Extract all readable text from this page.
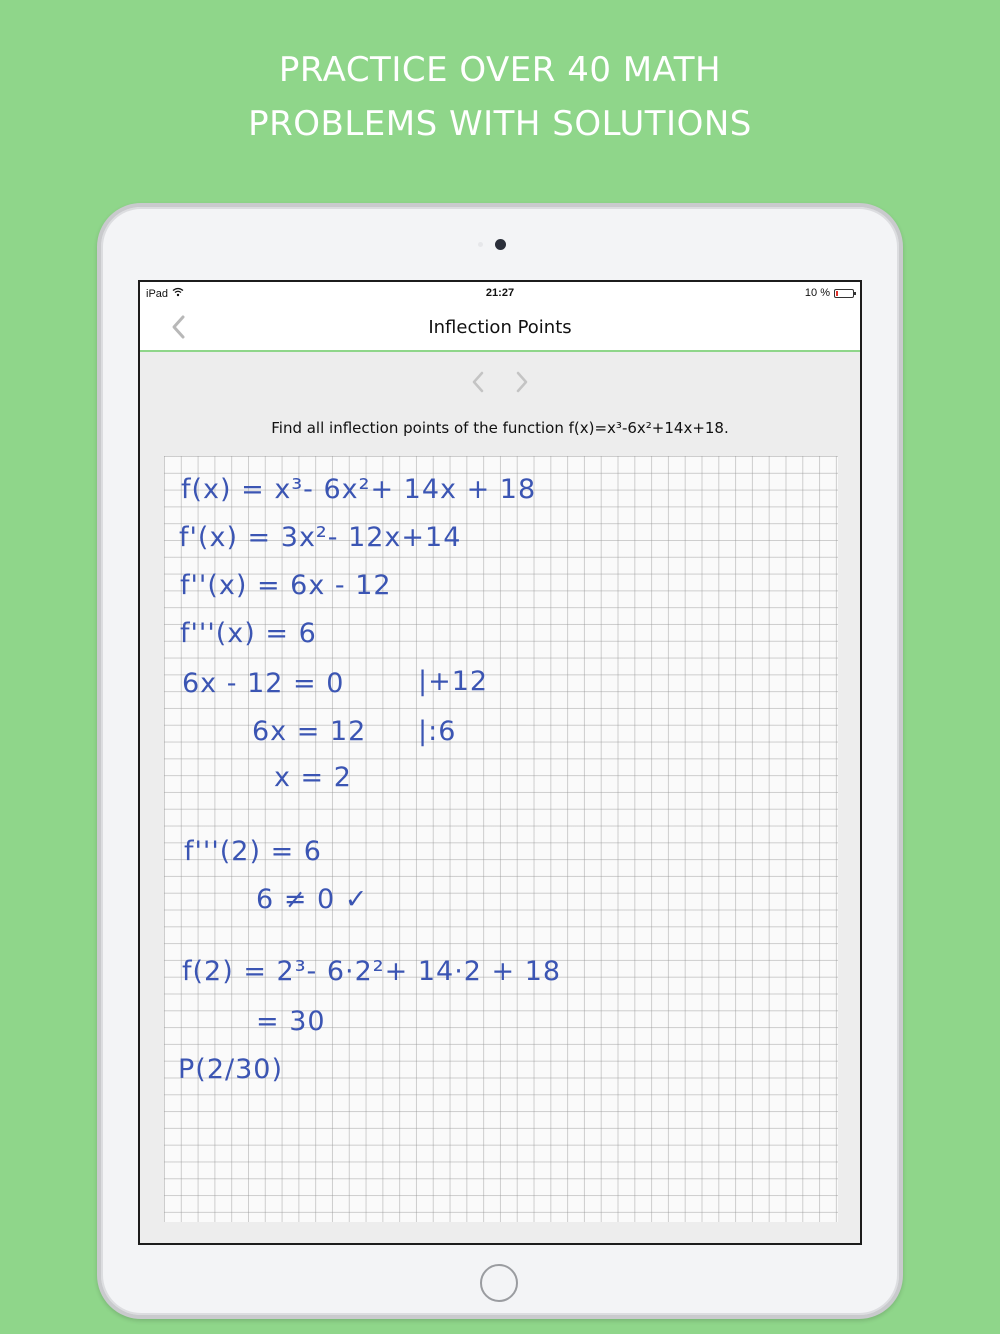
PRACTICE OVER 40 MATH
PROBLEMS WITH SOLUTIONS
iPad	21:27	10 %
Inflection Points
Find all inflection points of the function f(x)=x³-6x²+14x+18.
f(x) = x³- 6x²+ 14x + 18
f'(x) = 3x²- 12x+14
f''(x) = 6x - 12
f'''(x) = 6
6x - 12 = 0	|+12
6x = 12 |:6
x = 2
f'''(2) = 6
6 ≠ 0 ✓
f(2) = 2³- 6·2²+ 14·2 + 18
= 30
P(2/30)
